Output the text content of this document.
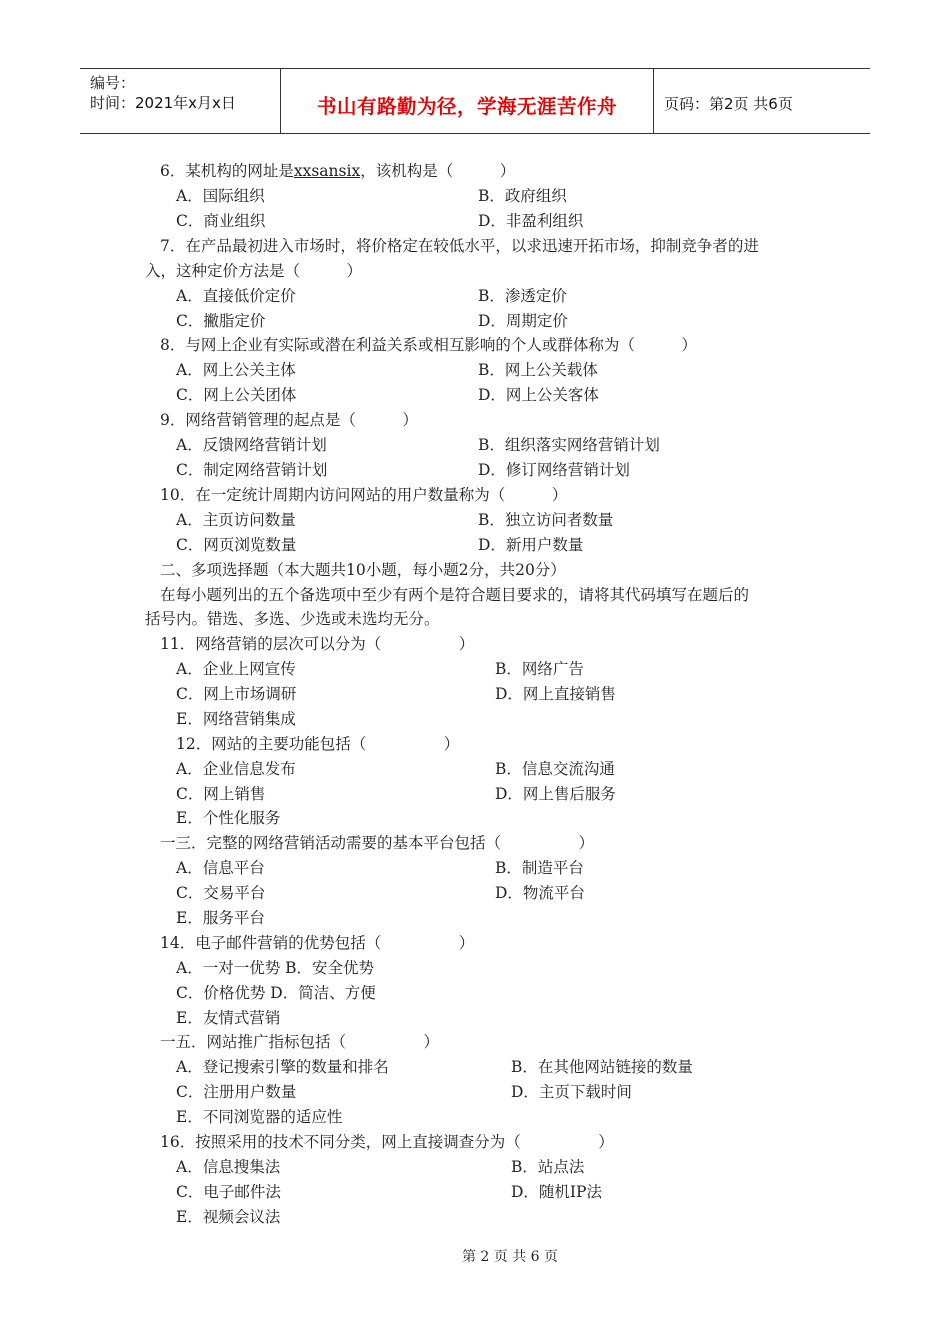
编号：
时间：2021年x月x日	书山有路勤为径，学海无涯苦作舟	页码：第2页 共6页
6．某机构的网址是xxsansix，该机构是（　　　）
A．国际组织	B．政府组织
C．商业组织	D．非盈利组织
7．在产品最初进入市场时，将价格定在较低水平，以求迅速开拓市场，抑制竞争者的进
入，这种定价方法是（　　　）
A．直接低价定价	B．渗透定价
C．撇脂定价	D．周期定价
8．与网上企业有实际或潜在利益关系或相互影响的个人或群体称为（　　　）
A．网上公关主体	B．网上公关载体
C．网上公关团体	D．网上公关客体
9．网络营销管理的起点是（　　　）
A．反馈网络营销计划	B．组织落实网络营销计划
C．制定网络营销计划	D．修订网络营销计划
10．在一定统计周期内访问网站的用户数量称为（　　　）
A．主页访问数量	B．独立访问者数量
C．网页浏览数量	D．新用户数量
二、多项选择题（本大题共10小题，每小题2分，共20分）
在每小题列出的五个备选项中至少有两个是符合题目要求的，请将其代码填写在题后的
括号内。错选、多选、少选或未选均无分。
11．网络营销的层次可以分为（　　　　　）
A．企业上网宣传	B．网络广告
C．网上市场调研	D．网上直接销售
E．网络营销集成
12．网站的主要功能包括（　　　　　）
A．企业信息发布	B．信息交流沟通
C．网上销售	D．网上售后服务
E．个性化服务
一三．完整的网络营销活动需要的基本平台包括（　　　　　）
A．信息平台	B．制造平台
C．交易平台	D．物流平台
E．服务平台
14．电子邮件营销的优势包括（　　　　　）
A．一对一优势 B．安全优势
C．价格优势 D．简洁、方便
E．友情式营销
一五．网站推广指标包括（　　　　　）
A．登记搜索引擎的数量和排名	B．在其他网站链接的数量
C．注册用户数量	D．主页下载时间
E．不同浏览器的适应性
16．按照采用的技术不同分类，网上直接调查分为（　　　　　）
A．信息搜集法	B．站点法
C．电子邮件法	D．随机IP法
E．视频会议法
第 2 页 共 6 页
